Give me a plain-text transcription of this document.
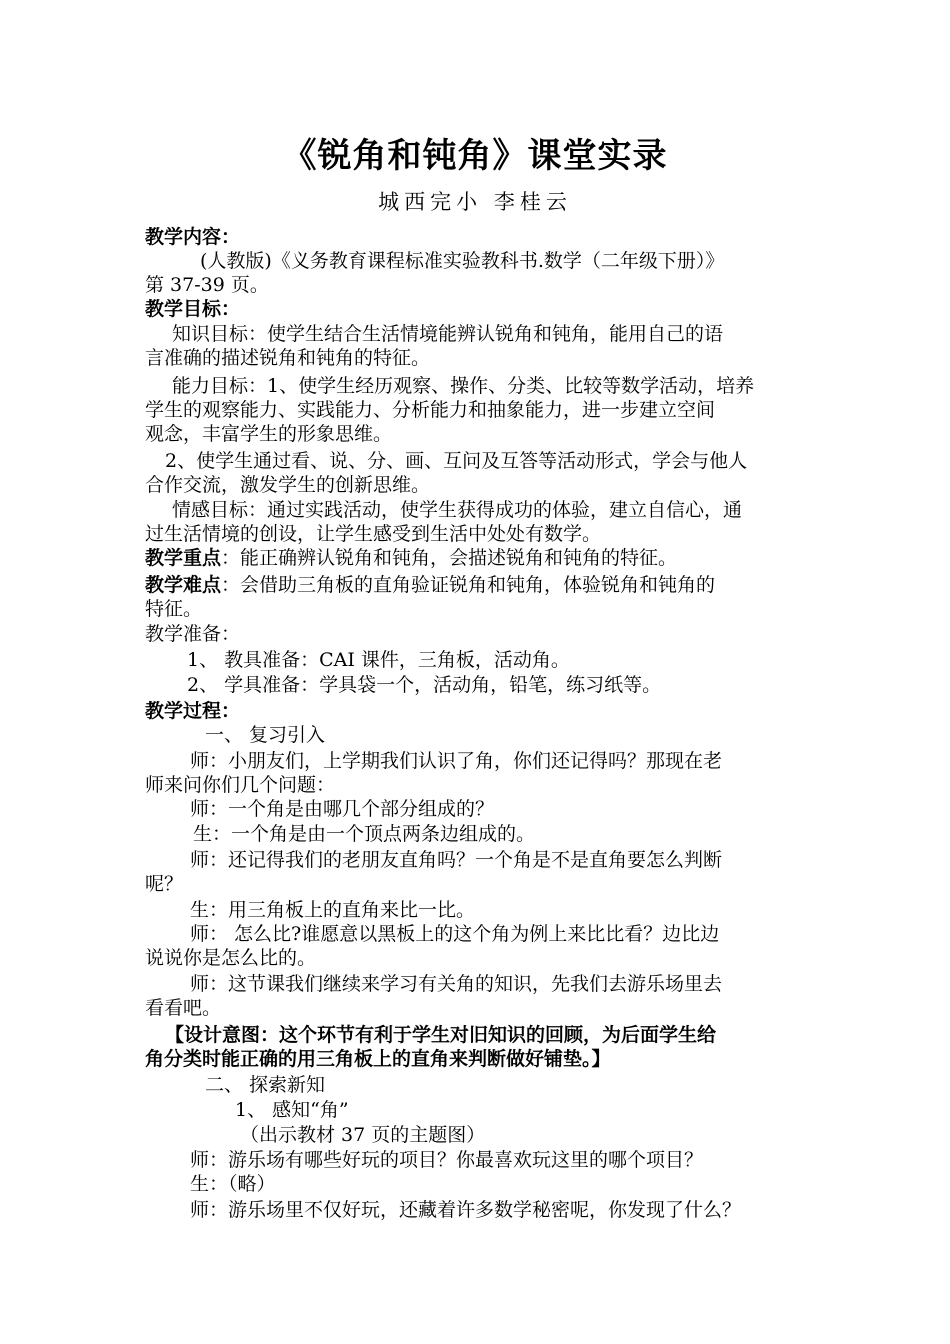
《锐角和钝角》课堂实录
城西完小 李桂云
教学内容：
(人教版)《义务教育课程标准实验教科书.数学（二年级下册）》
第 37-39 页。
教学目标：
知识目标：使学生结合生活情境能辨认锐角和钝角，能用自己的语
言准确的描述锐角和钝角的特征。
能力目标：1、使学生经历观察、操作、分类、比较等数学活动，培养
学生的观察能力、实践能力、分析能力和抽象能力，进一步建立空间
观念，丰富学生的形象思维。
2、使学生通过看、说、分、画、互问及互答等活动形式，学会与他人
合作交流，激发学生的创新思维。
情感目标：通过实践活动，使学生获得成功的体验，建立自信心，通
过生活情境的创设，让学生感受到生活中处处有数学。
教学重点：能正确辨认锐角和钝角，会描述锐角和钝角的特征。
教学难点：会借助三角板的直角验证锐角和钝角，体验锐角和钝角的
特征。
教学准备：
1、 教具准备：CAI 课件，三角板，活动角。
2、 学具准备：学具袋一个，活动角，铅笔，练习纸等。
教学过程：
一、 复习引入
师：小朋友们，上学期我们认识了角，你们还记得吗？那现在老
师来问你们几个问题：
师：一个角是由哪几个部分组成的？
生：一个角是由一个顶点两条边组成的。
师：还记得我们的老朋友直角吗？一个角是不是直角要怎么判断
呢？
生：用三角板上的直角来比一比。
师： 怎么比?谁愿意以黑板上的这个角为例上来比比看？边比边
说说你是怎么比的。
师：这节课我们继续来学习有关角的知识，先我们去游乐场里去
看看吧。
【设计意图：这个环节有利于学生对旧知识的回顾，为后面学生给
角分类时能正确的用三角板上的直角来判断做好铺垫。】
二、 探索新知
1、 感知“角”
（出示教材 37 页的主题图）
师：游乐场有哪些好玩的项目？你最喜欢玩这里的哪个项目？
生：（略）
师：游乐场里不仅好玩，还藏着许多数学秘密呢，你发现了什么？
